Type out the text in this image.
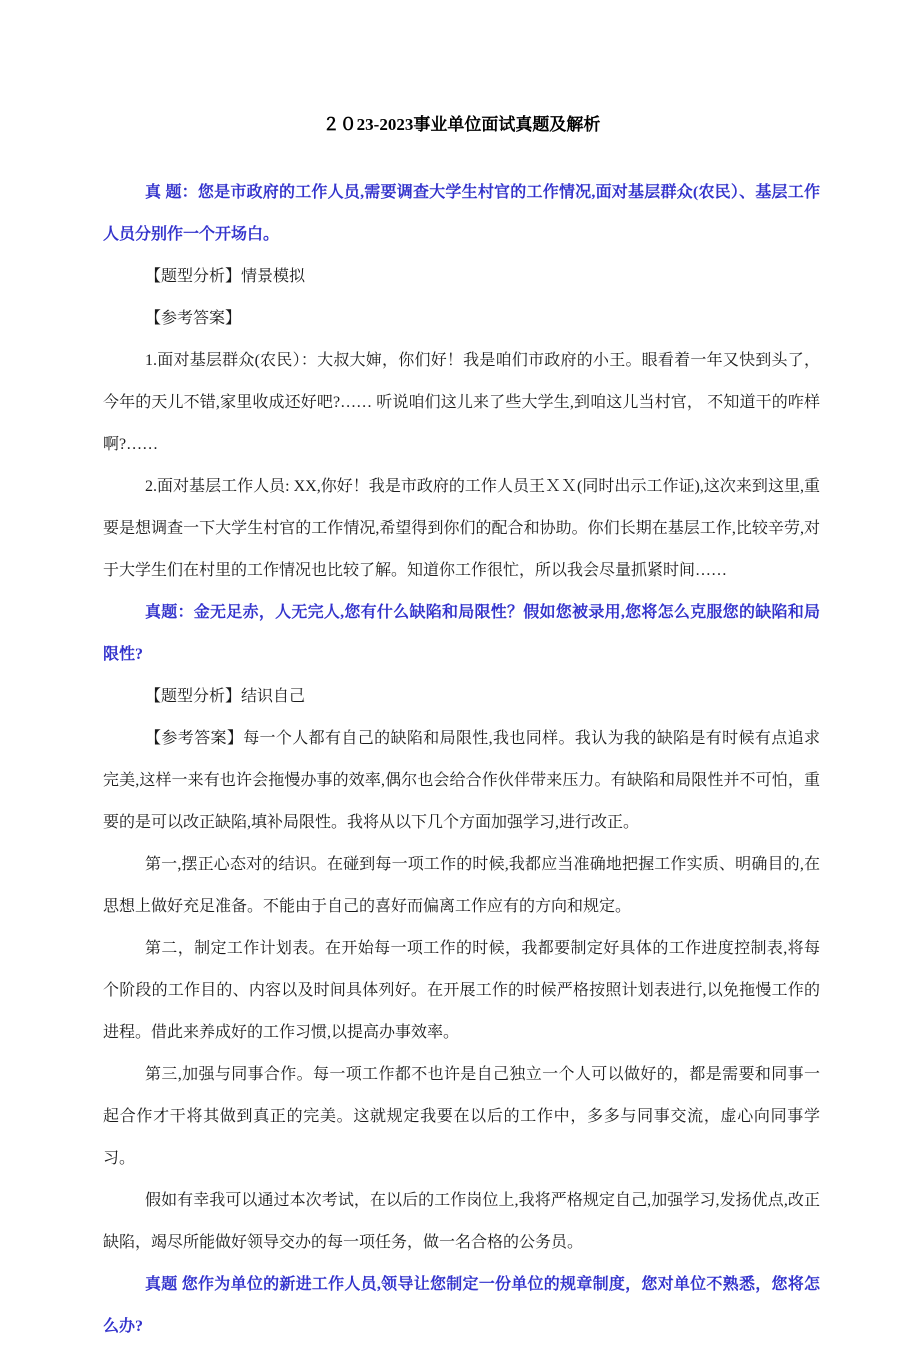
２０23-2023事业单位面试真题及解析

真 题：您是市政府的工作人员,需要调查大学生村官的工作情况,面对基层群众(农民）、基层工作人员分别作一个开场白。

【题型分析】情景模拟

【参考答案】

1.面对基层群众(农民）：大叔大婶，你们好！我是咱们市政府的小王。眼看着一年又快到头了，今年的天儿不错,家里收成还好吧?…… 听说咱们这儿来了些大学生,到咱这儿当村官， 不知道干的咋样啊?……

2.面对基层工作人员: XX,你好！我是市政府的工作人员王ＸＸ(同时出示工作证),这次来到这里,重要是想调查一下大学生村官的工作情况,希望得到你们的配合和协助。你们长期在基层工作,比较辛劳,对于大学生们在村里的工作情况也比较了解。知道你工作很忙，所以我会尽量抓紧时间……

真题：金无足赤，人无完人,您有什么缺陷和局限性？假如您被录用,您将怎么克服您的缺陷和局限性?

【题型分析】结识自己

【参考答案】每一个人都有自己的缺陷和局限性,我也同样。我认为我的缺陷是有时候有点追求完美,这样一来有也许会拖慢办事的效率,偶尔也会给合作伙伴带来压力。有缺陷和局限性并不可怕，重要的是可以改正缺陷,填补局限性。我将从以下几个方面加强学习,进行改正。

第一,摆正心态对的结识。在碰到每一项工作的时候,我都应当准确地把握工作实质、明确目的,在思想上做好充足准备。不能由于自己的喜好而偏离工作应有的方向和规定。

第二，制定工作计划表。在开始每一项工作的时候，我都要制定好具体的工作进度控制表,将每个阶段的工作目的、内容以及时间具体列好。在开展工作的时候严格按照计划表进行,以免拖慢工作的进程。借此来养成好的工作习惯,以提高办事效率。

第三,加强与同事合作。每一项工作都不也许是自己独立一个人可以做好的，都是需要和同事一起合作才干将其做到真正的完美。这就规定我要在以后的工作中，多多与同事交流，虚心向同事学习。

假如有幸我可以通过本次考试，在以后的工作岗位上,我将严格规定自己,加强学习,发扬优点,改正缺陷，竭尽所能做好领导交办的每一项任务，做一名合格的公务员。

真题 您作为单位的新进工作人员,领导让您制定一份单位的规章制度，您对单位不熟悉，您将怎么办?
